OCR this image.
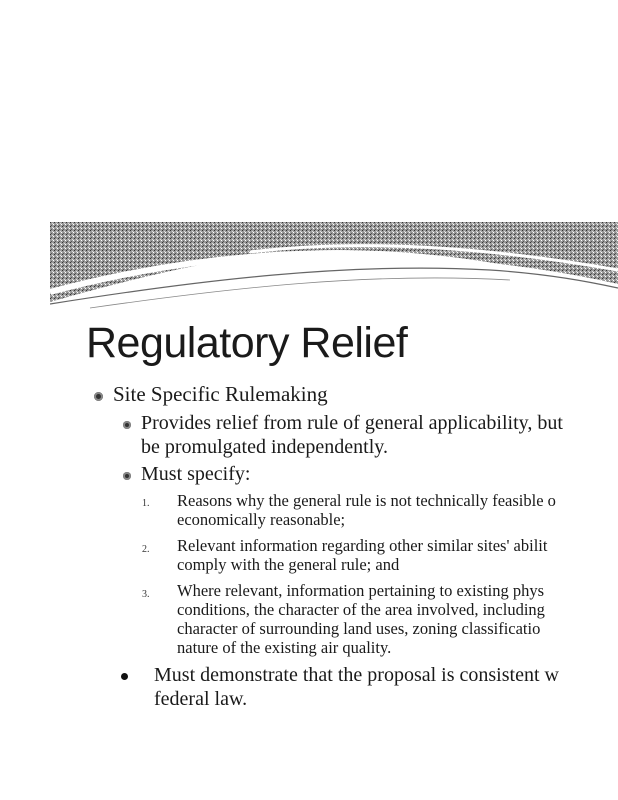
Regulatory Relief
Site Specific Rulemaking
Provides relief from rule of general applicability, but
be promulgated independently.
Must specify:
1. Reasons why the general rule is not technically feasible o
economically reasonable;
2. Relevant information regarding other similar sites' abilit
comply with the general rule; and
3. Where relevant, information pertaining to existing phys
conditions, the character of the area involved, including
character of surrounding land uses, zoning classificatio
nature of the existing air quality.
Must demonstrate that the proposal is consistent w
federal law.
